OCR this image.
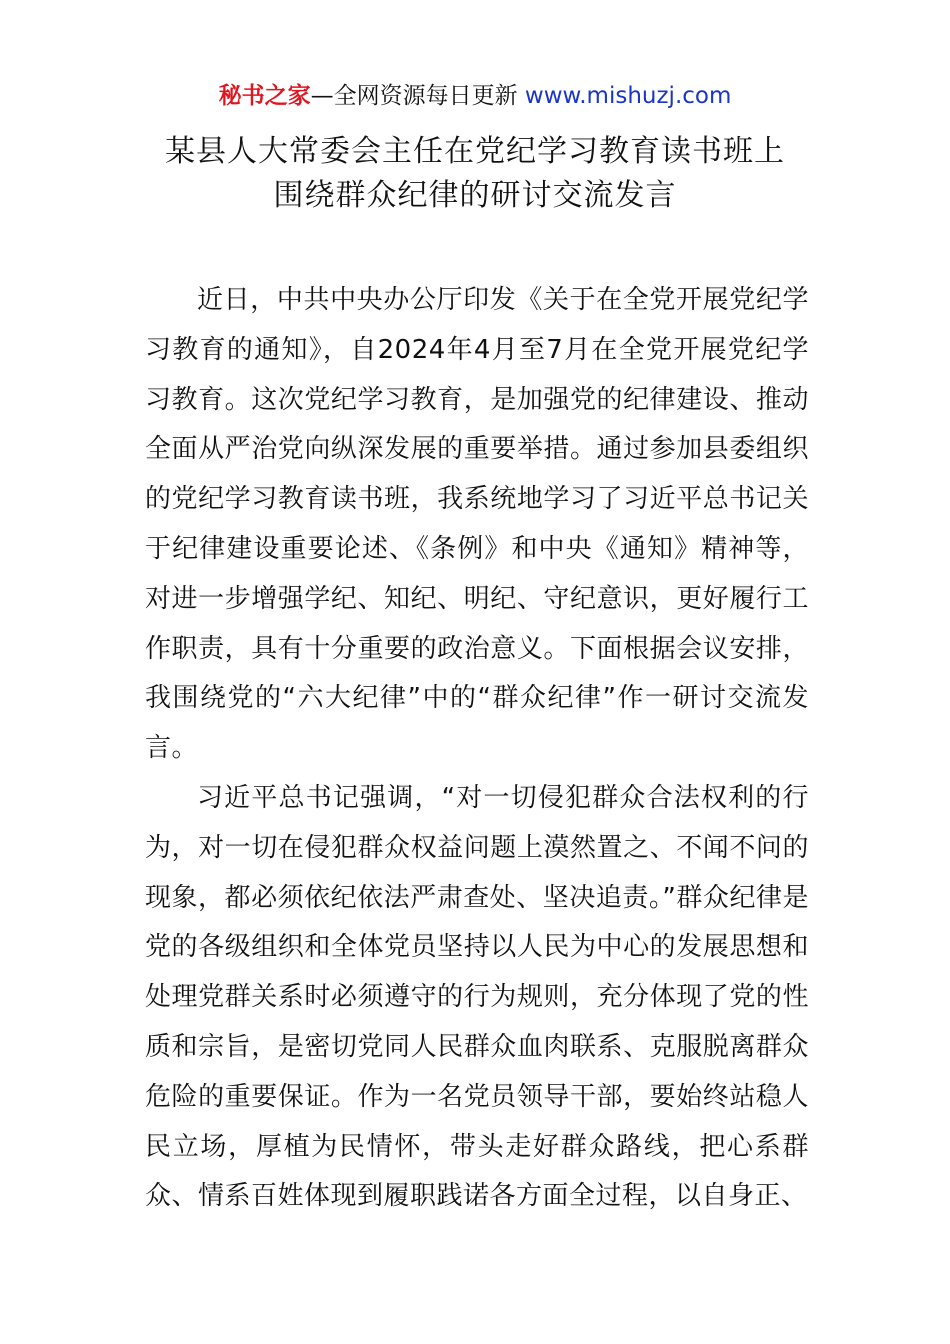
秘书之家—全网资源每日更新 www.mishuzj.com
某县人大常委会主任在党纪学习教育读书班上
围绕群众纪律的研讨交流发言

近日，中共中央办公厅印发《关于在全党开展党纪学习教育的通知》，自2024年4月至7月在全党开展党纪学习教育。这次党纪学习教育，是加强党的纪律建设、推动全面从严治党向纵深发展的重要举措。通过参加县委组织的党纪学习教育读书班，我系统地学习了习近平总书记关于纪律建设重要论述、《条例》和中央《通知》精神等，对进一步增强学纪、知纪、明纪、守纪意识，更好履行工作职责，具有十分重要的政治意义。下面根据会议安排，我围绕党的“六大纪律”中的“群众纪律”作一研讨交流发言。

习近平总书记强调，“对一切侵犯群众合法权利的行为，对一切在侵犯群众权益问题上漠然置之、不闻不问的现象，都必须依纪依法严肃查处、坚决追责。”群众纪律是党的各级组织和全体党员坚持以人民为中心的发展思想和处理党群关系时必须遵守的行为规则，充分体现了党的性质和宗旨，是密切党同人民群众血肉联系、克服脱离群众危险的重要保证。作为一名党员领导干部，要始终站稳人民立场，厚植为民情怀，带头走好群众路线，把心系群众、情系百姓体现到履职践诺各方面全过程，以自身正、
